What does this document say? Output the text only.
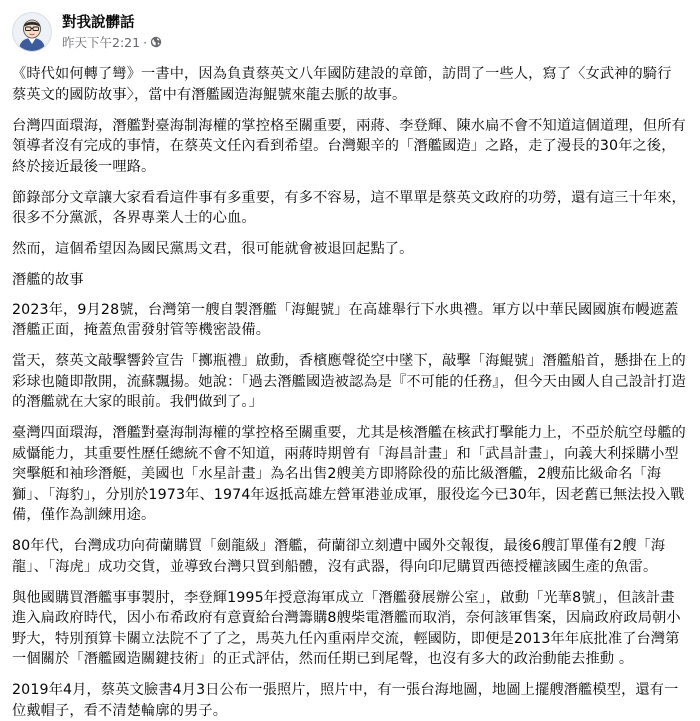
對我說髒話
昨天下午2:21 ·

《時代如何轉了彎》一書中，因為負責蔡英文八年國防建設的章節，訪問了一些人，寫了〈女武神的騎行 蔡英文的國防故事〉，當中有潛艦國造海鯤號來龍去脈的故事。

台灣四面環海，潛艦對臺海制海權的掌控格至關重要，兩蔣、李登輝、陳水扁不會不知道這個道理，但所有領導者沒有完成的事情，在蔡英文任內看到希望。台灣艱辛的「潛艦國造」之路，走了漫長的30年之後，終於接近最後一哩路。

節錄部分文章讓大家看看這件事有多重要，有多不容易，這不單單是蔡英文政府的功勞，還有這三十年來，很多不分黨派，各界專業人士的心血。

然而，這個希望因為國民黨馬文君，很可能就會被退回起點了。

潛艦的故事

2023年，9月28號，台灣第一艘自製潛艦「海鯤號」在高雄舉行下水典禮。軍方以中華民國國旗布幔遮蓋潛艦正面，掩蓋魚雷發射管等機密設備。

當天，蔡英文敲擊響鈴宣告「擲瓶禮」啟動，香檳應聲從空中墜下，敲擊「海鯤號」潛艦船首，懸掛在上的彩球也隨即散開，流蘇飄揚。她說：「過去潛艦國造被認為是『不可能的任務』，但今天由國人自己設計打造的潛艦就在大家的眼前。我們做到了。」

臺灣四面環海，潛艦對臺海制海權的掌控格至關重要，尤其是核潛艦在核武打擊能力上，不亞於航空母艦的威懾能力，其重要性歷任總統不會不知道，兩蔣時期曾有「海昌計畫」和「武昌計畫」，向義大利採購小型突擊艇和袖珍潛艇，美國也「水星計畫」為名出售2艘美方即將除役的茄比級潛艦，2艘茄比級命名「海獅」、「海豹」，分別於1973年、1974年返抵高雄左營軍港並成軍，服役迄今已30年，因老舊已無法投入戰備，僅作為訓練用途。

80年代，台灣成功向荷蘭購買「劍龍級」潛艦，荷蘭卻立刻遭中國外交報復，最後6艘訂單僅有2艘「海龍」、「海虎」成功交貨，並導致台灣只買到船體，沒有武器，得向印尼購買西德授權該國生產的魚雷。

與他國購買潛艦事事製肘，李登輝1995年授意海軍成立「潛艦發展辦公室」，啟動「光華8號」，但該計畫進入扁政府時代，因小布希政府有意賣給台灣籌購8艘柴電潛艦而取消，奈何該軍售案，因扁政府政局朝小野大，特別預算卡關立法院不了了之，馬英九任內重兩岸交流，輕國防，即便是2013年年底批准了台灣第一個關於「潛艦國造關鍵技術」的正式評估，然而任期已到尾聲，也沒有多大的政治動能去推動 。

2019年4月，蔡英文臉書4月3日公布一張照片，照片中，有一張台海地圖，地圖上擺艘潛艦模型，還有一位戴帽子，看不清楚輪廓的男子。
